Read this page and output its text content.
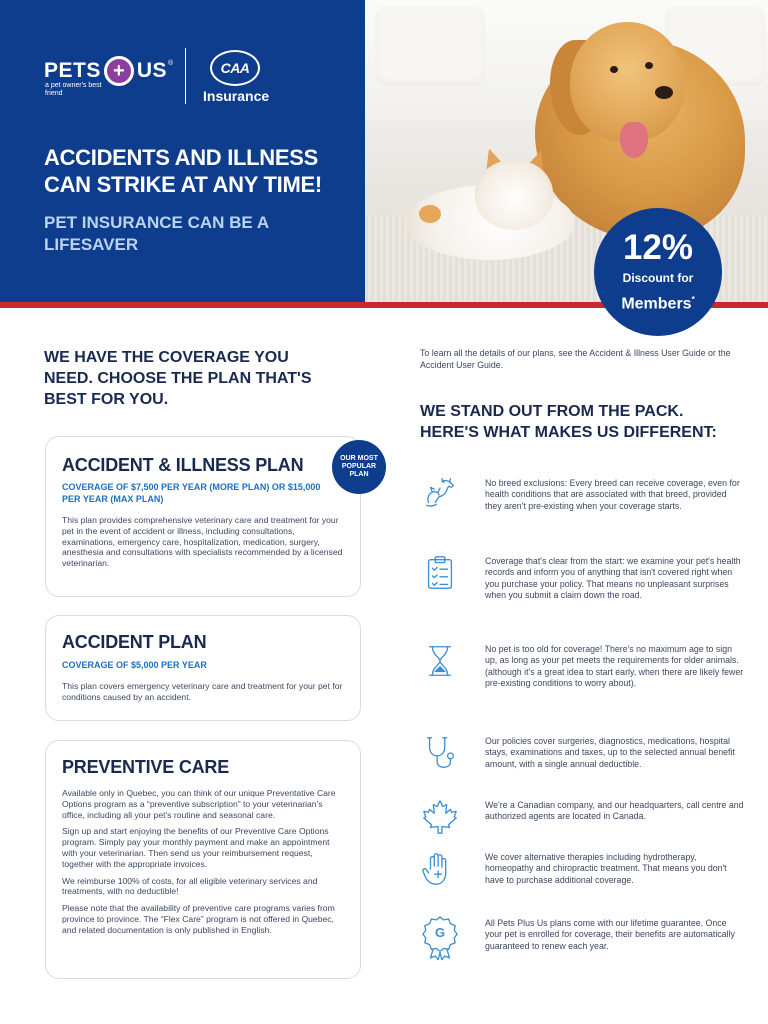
PETS + US ®
a pet owner's best friend
CAA
Insurance
ACCIDENTS AND ILLNESS CAN STRIKE AT ANY TIME!
PET INSURANCE CAN BE A LIFESAVER	12%
Discount for
Members*
WE HAVE THE COVERAGE YOU NEED. CHOOSE THE PLAN THAT'S BEST FOR YOU.
ACCIDENT & ILLNESS PLAN
COVERAGE OF $7,500 PER YEAR (MORE PLAN) OR $15,000 PER YEAR (MAX PLAN)

This plan provides comprehensive veterinary care and treatment for your pet in the event of accident or illness, including consultations, examinations, emergency care, hospitalization, medication, surgery, anesthesia and consultations with specialists recommended by a licensed veterinarian.

OUR MOST POPULAR PLAN
ACCIDENT PLAN
COVERAGE OF $5,000 PER YEAR

This plan covers emergency veterinary care and treatment for your pet for conditions caused by an accident.

PREVENTIVE CARE

Available only in Quebec, you can think of our unique Preventative Care Options program as a “preventive subscription” to your veterinarian's office, including all your pet's routine and seasonal care.

Sign up and start enjoying the benefits of our Preventive Care Options program. Simply pay your monthly payment and make an appointment with your veterinarian. Then send us your reimbursement request, together with the appropriate invoices.

We reimburse 100% of costs, for all eligible veterinary services and treatments, with no deductible!

Please note that the availability of preventive care programs varies from province to province. The “Flex Care” program is not offered in Quebec, and related documentation is only published in English.

To learn all the details of our plans, see the Accident & Illness User Guide or the Accident User Guide.

WE STAND OUT FROM THE PACK. HERE'S WHAT MAKES US DIFFERENT:

No breed exclusions: Every breed can receive coverage, even for health conditions that are associated with that breed, provided they aren't pre-existing when your coverage starts.

Coverage that's clear from the start: we examine your pet's health records and inform you of anything that isn't covered right when you purchase your policy. That means no unpleasant surprises when you submit a claim down the road.

No pet is too old for coverage! There's no maximum age to sign up, as long as your pet meets the requirements for older animals. (although it's a great idea to start early, when there are likely fewer pre-existing conditions to worry about).

Our policies cover surgeries, diagnostics, medications, hospital stays, examinations and taxes, up to the selected annual benefit amount, with a single annual deductible.

We're a Canadian company, and our headquarters, call centre and authorized agents are located in Canada.

We cover alternative therapies including hydrotherapy, homeopathy and chiropractic treatment. That means you don't have to purchase additional coverage.

G

All Pets Plus Us plans come with our lifetime guarantee. Once your pet is enrolled for coverage, their benefits are automatically guaranteed to renew each year.
